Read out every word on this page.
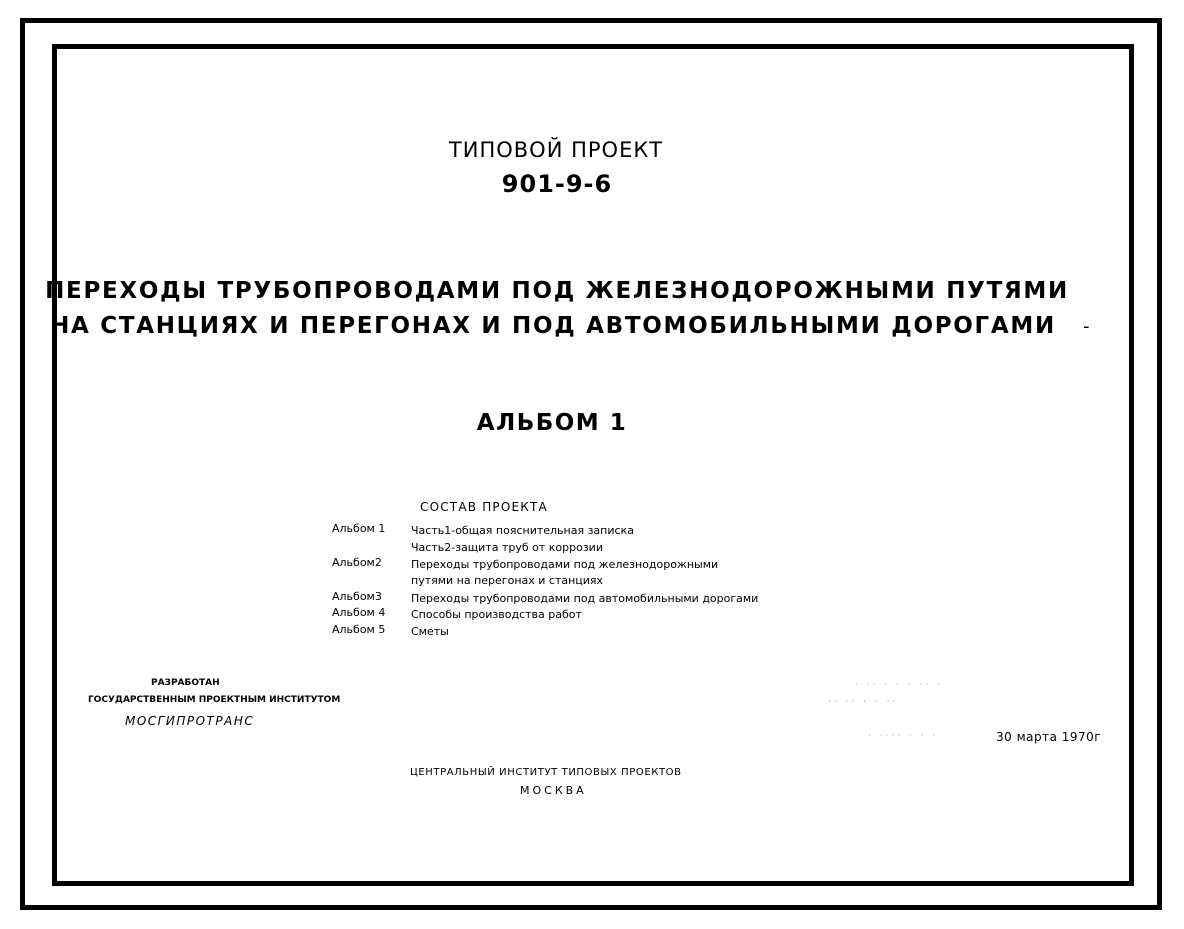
ТИПОВОЙ ПРОЕКТ
901-9-6
ПЕРЕХОДЫ ТРУБОПРОВОДАМИ ПОД ЖЕЛЕЗНОДОРОЖНЫМИ ПУТЯМИ
НА СТАНЦИЯХ И ПЕРЕГОНАХ И ПОД АВТОМОБИЛЬНЫМИ ДОРОГАМИ -
АЛЬБОМ 1
СОСТАВ ПРОЕКТА
Альбом 1	Часть1-общая пояснительная записка
Часть2-защита труб от коррозии
Альбом2	Переходы трубопроводами под железнодорожными
путями на перегонах и станциях
Альбом3	Переходы трубопроводами под автомобильными дорогами
Альбом 4	Способы производства работ
Альбом 5	Сметы
РАЗРАБОТАН
ГОСУДАРСТВЕННЫМ ПРОЕКТНЫМ ИНСТИТУТОМ
МОСГИПРОТРАНС
· ·· · · · ·· ·
·· ·· · · ··
· ···· · · ·	30 марта 1970г
ЦЕНТРАЛЬНЫЙ ИНСТИТУТ ТИПОВЫХ ПРОЕКТОВ
МОСКВА
